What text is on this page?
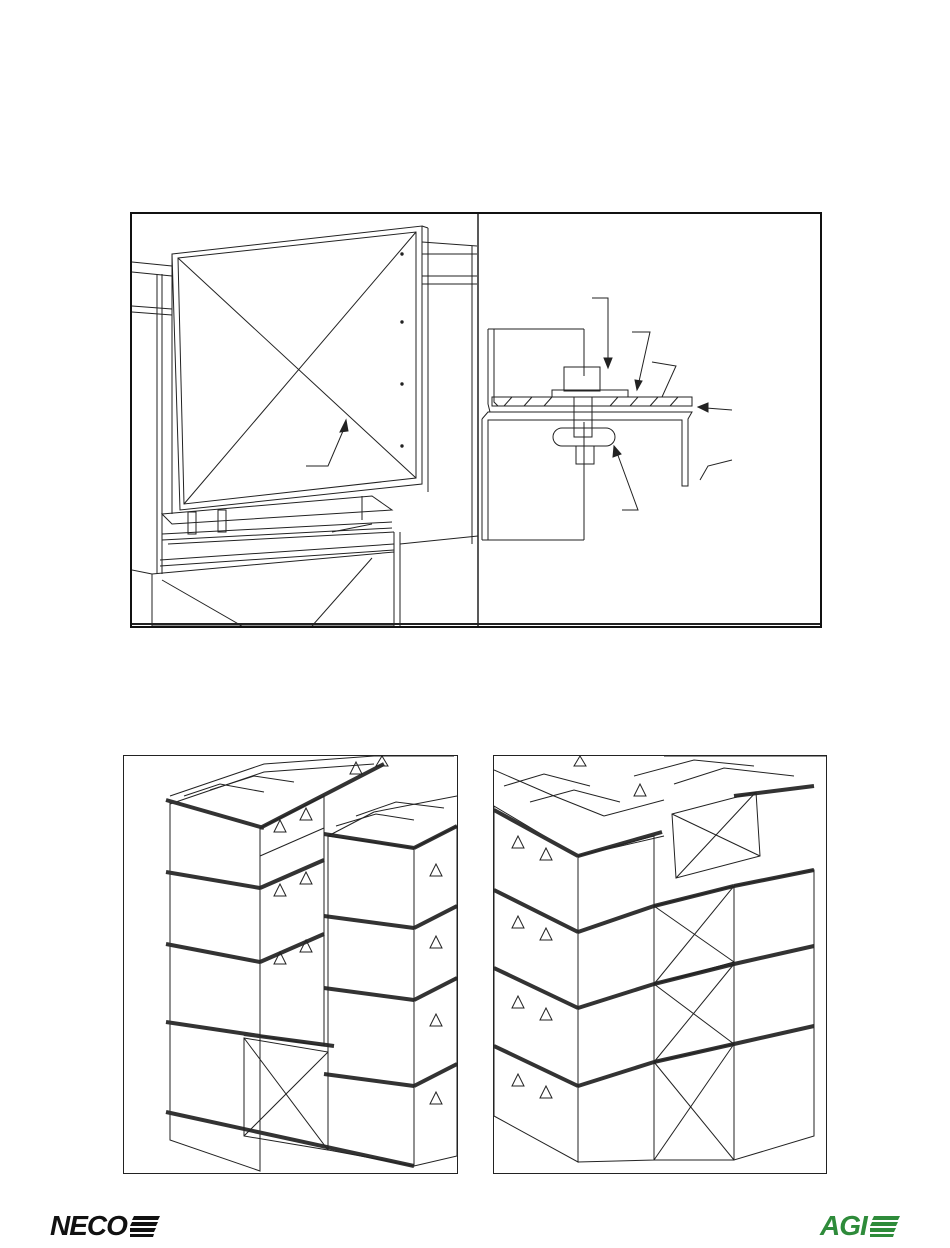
NECO	AGI
